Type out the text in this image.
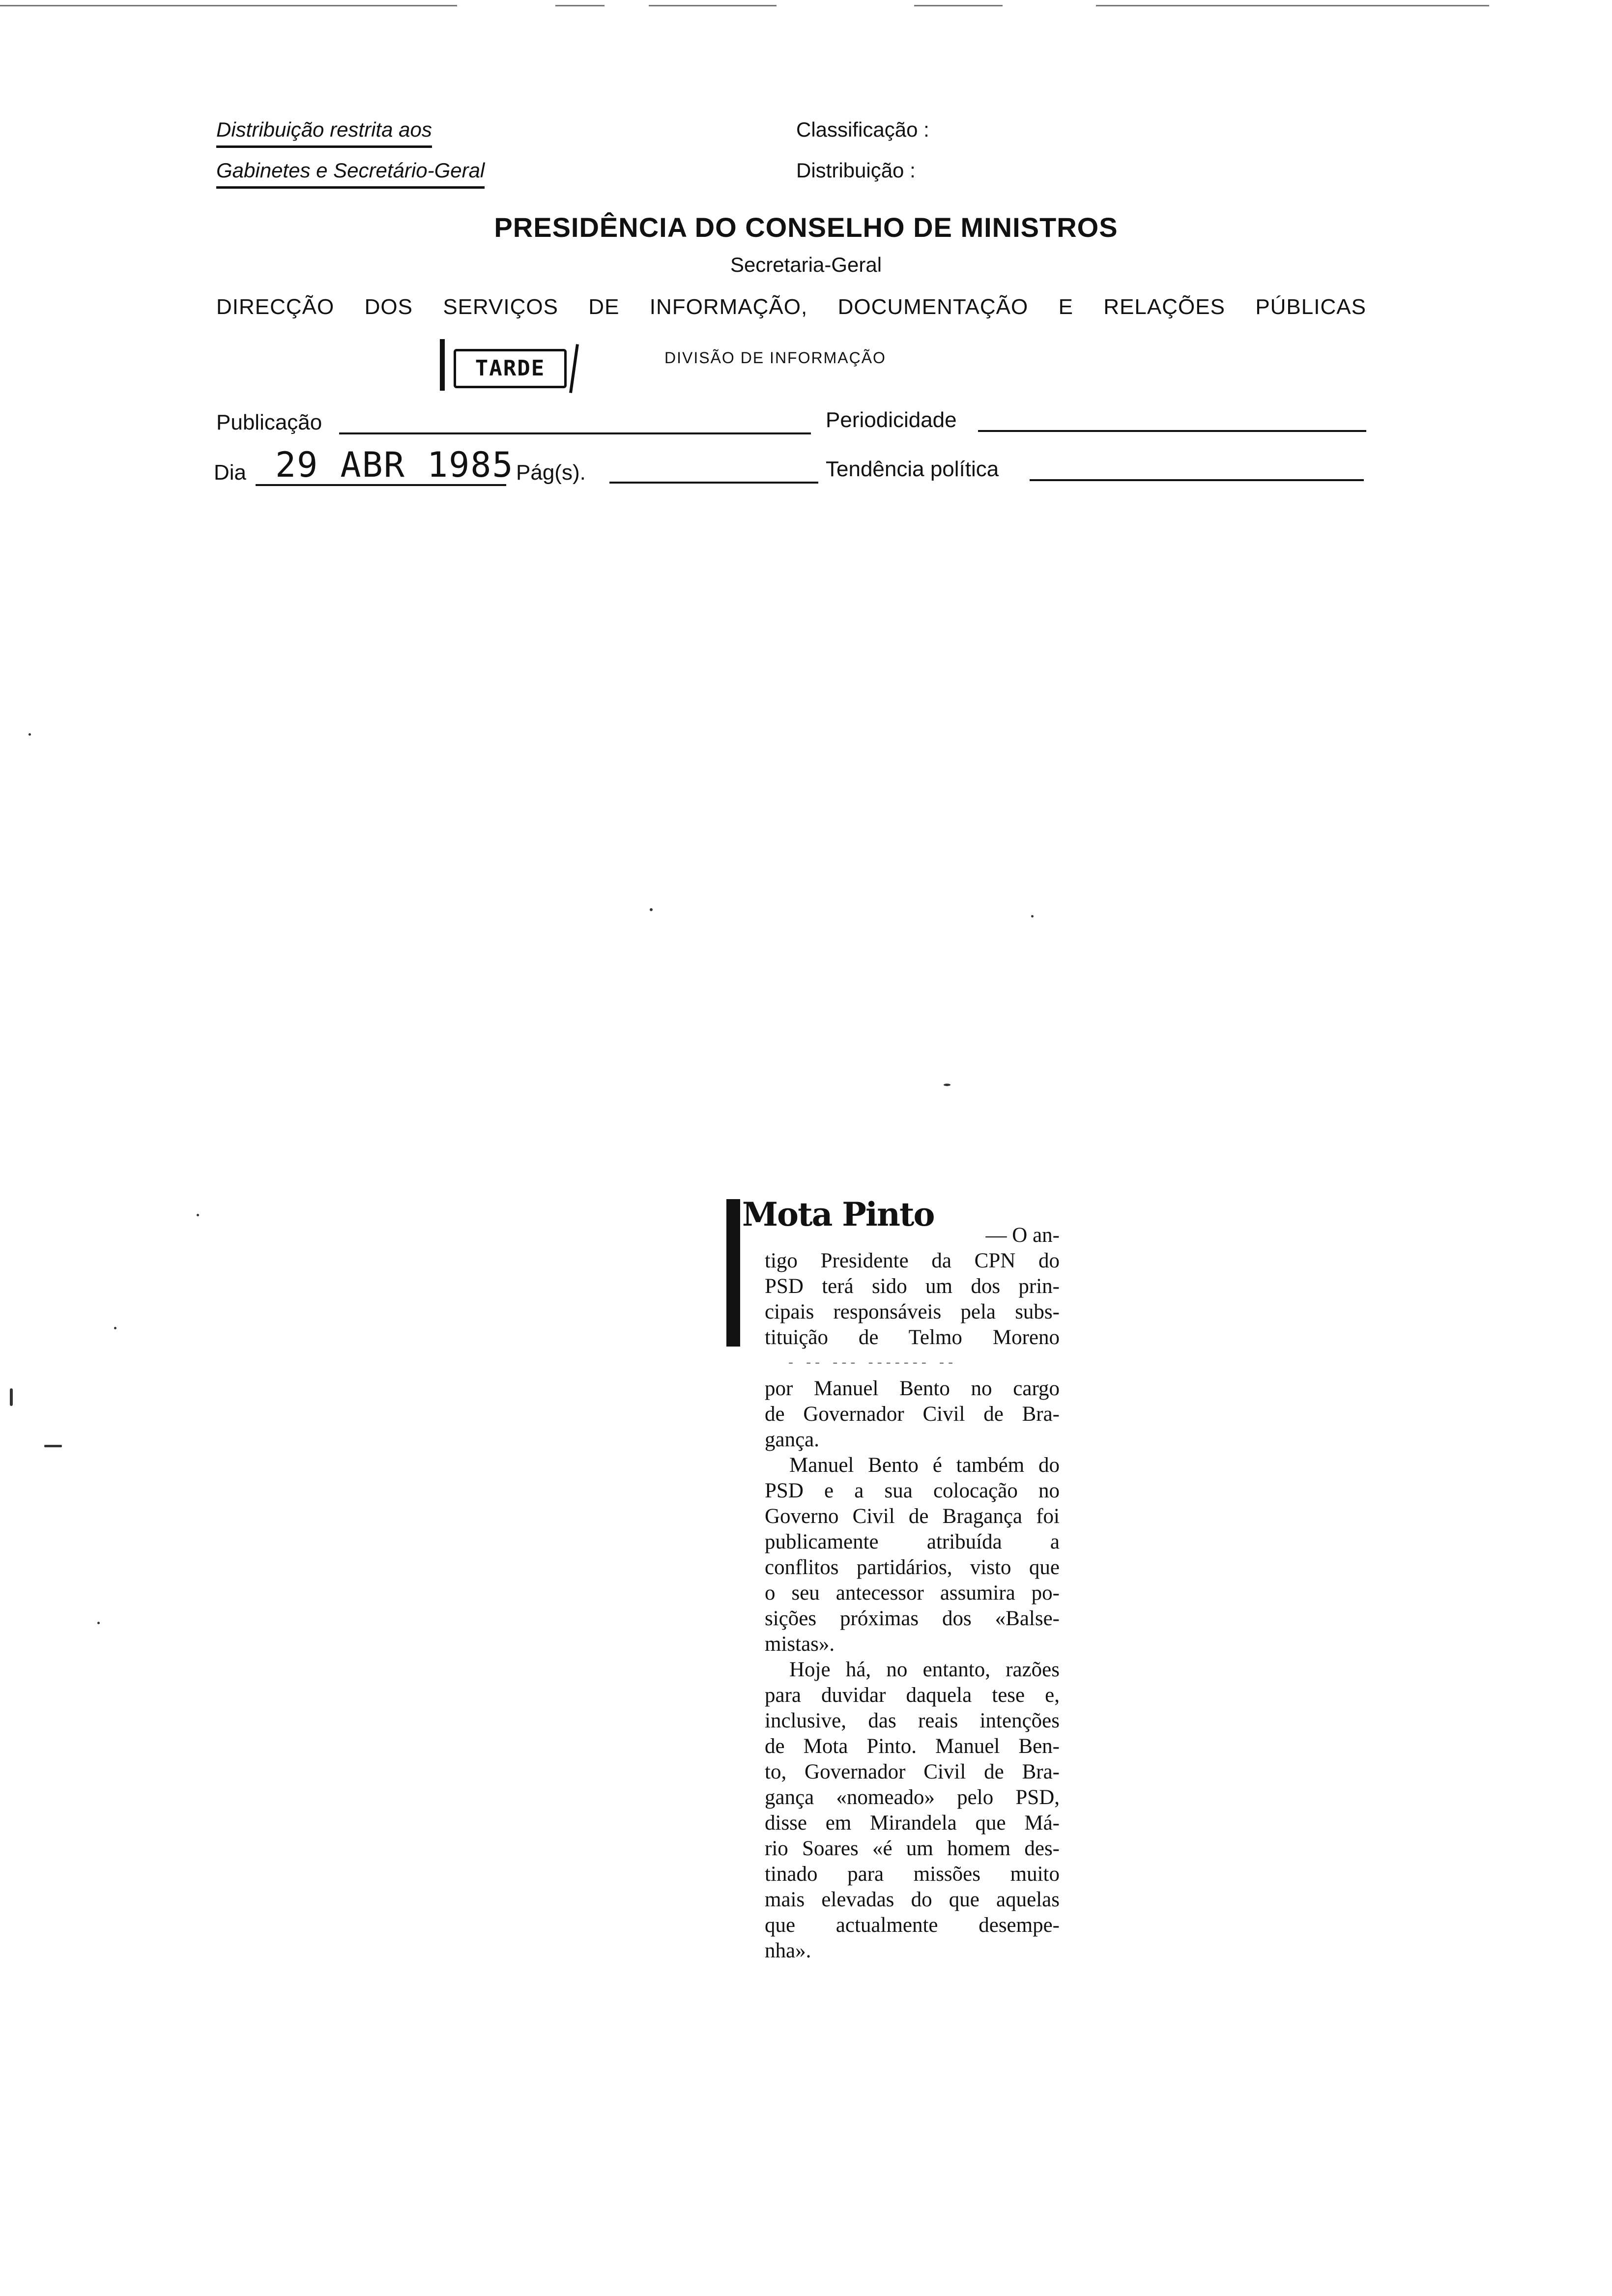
Distribuição restrita aos
Gabinetes e Secretário-Geral
Classificação :
Distribuição :
PRESIDÊNCIA DO CONSELHO DE MINISTROS
Secretaria-Geral
DIRECÇÃO DOS SERVIÇOS DE INFORMAÇÃO, DOCUMENTAÇÃO E RELAÇÕES PÚBLICAS
DIVISÃO DE INFORMAÇÃO
TARDE
Publicação	Periodicidade
Dia 29 ABR 1985 Pág(s).	Tendência política
Mota Pinto
— O an-
tigo Presidente da CPN do
PSD terá sido um dos prin-
cipais responsáveis pela subs-
tituição de Telmo Moreno
- -- --- ------- --
por Manuel Bento no cargo
de Governador Civil de Bra-
gança.
Manuel Bento é também do
PSD e a sua colocação no
Governo Civil de Bragança foi
publicamente atribuída a
conflitos partidários, visto que
o seu antecessor assumira po-
sições próximas dos «Balse-
mistas».
Hoje há, no entanto, razões
para duvidar daquela tese e,
inclusive, das reais intenções
de Mota Pinto. Manuel Ben-
to, Governador Civil de Bra-
gança «nomeado» pelo PSD,
disse em Mirandela que Má-
rio Soares «é um homem des-
tinado para missões muito
mais elevadas do que aquelas
que actualmente desempe-
nha».
